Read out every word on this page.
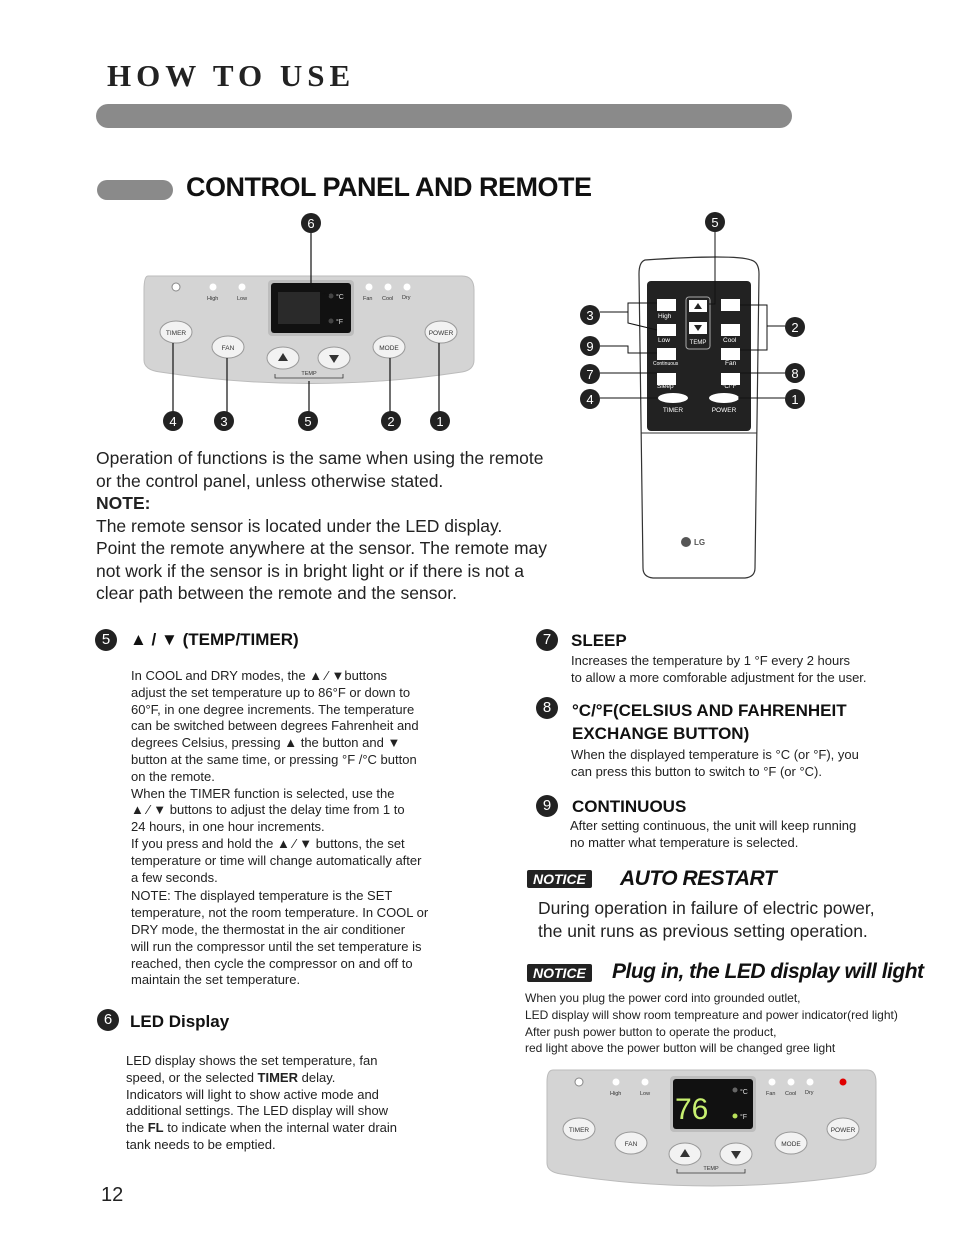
HOW TO USE
CONTROL PANEL AND REMOTE
High	Low	°C
°F
Fan Cool Dry
TIMER
FAN
TEMP
MODE
POWER
6
4	3	5	2	1
High
Low
Continuous
Sleep
TEMP	Cool
Fan
°C/°F
TIMER	POWER
LG
5
3
9
7
4
2
8
1
Operation of functions is the same when using the remote
or the control panel, unless otherwise stated.
NOTE:
The remote sensor is located under the LED display.
Point the remote anywhere at the sensor. The remote may
not work if the sensor is in bright light or if there is not a
clear path between the remote and the sensor.
5	▲ / ▼ (TEMP/TIMER)
In COOL and DRY modes, the ▲ ⁄ ▼buttons
adjust the set temperature up to 86°F or down to
60°F, in one degree increments. The temperature
can be switched between degrees Fahrenheit and
degrees Celsius, pressing ▲ the button and ▼
button at the same time, or pressing °F /°C button
on the remote.
When the TIMER function is selected, use the
▲ ⁄ ▼ buttons to adjust the delay time from 1 to
24 hours, in one hour increments.
If you press and hold the ▲ ⁄ ▼ buttons, the set
temperature or time will change automatically after
a few seconds.
NOTE: The displayed temperature is the SET
temperature, not the room temperature. In COOL or
DRY mode, the thermostat in the air conditioner
will run the compressor until the set temperature is
reached, then cycle the compressor on and off to
maintain the set temperature.
6	LED Display
LED display shows the set temperature, fan
speed, or the selected TIMER delay.
Indicators will light to show active mode and
additional settings. The LED display will show
the FL to indicate when the internal water drain
tank needs to be emptied.
7	SLEEP
Increases the temperature by 1 °F every 2 hours
to allow a more comforable adjustment for the user.
8	°C/°F(CELSIUS AND FAHRENHEIT
EXCHANGE BUTTON)
When the displayed temperature is °C (or °F), you
can press this button to switch to °F (or °C).
9	CONTINUOUS
After setting continuous, the unit will keep running
no matter what temperature is selected.
NOTICE AUTO RESTART
During operation in failure of electric power,
the unit runs as previous setting operation.
NOTICE Plug in, the LED display will light
When you plug the power cord into grounded outlet,
LED display will show room tempreature and power indicator(red light)
After push power button to operate the product,
red light above the power button will be changed gree light
High	Low 76
°C
°F
Fan Cool Dry
TIMER
FAN
TEMP
MODE
POWER
12
